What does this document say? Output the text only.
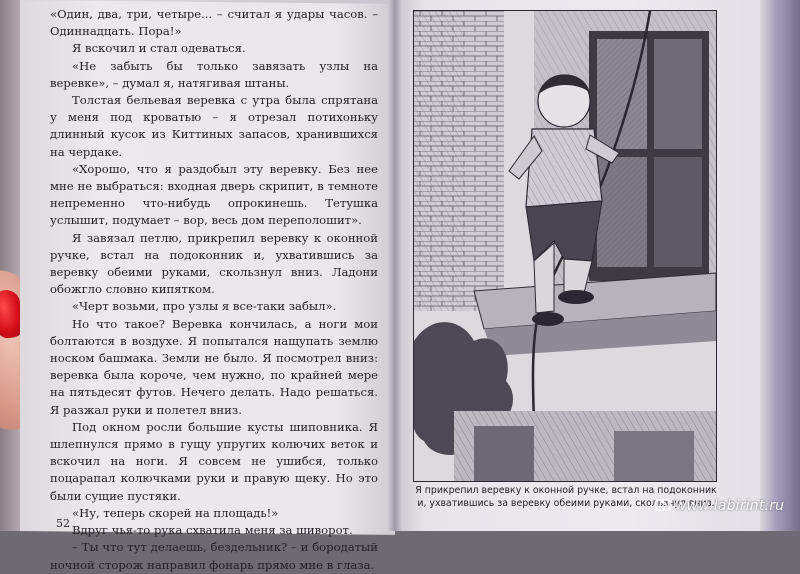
«Один, два, три, четыре... – считал я удары часов. – Одиннадцать. Пора!»

Я вскочил и стал одеваться.

«Не забыть бы только завязать узлы на веревке», – думал я, натягивая штаны.

Толстая бельевая веревка с утра была спрятана у меня под кроватью – я отрезал потихоньку длинный кусок из Киттиных запасов, хранившихся на чердаке.

«Хорошо, что я раздобыл эту веревку. Без нее мне не выбраться: входная дверь скрипит, в темноте непременно что-нибудь опрокинешь. Тетушка услышит, подумает – вор, весь дом переполошит».

Я завязал петлю, прикрепил веревку к оконной ручке, встал на подоконник и, ухватившись за веревку обеими руками, скользнул вниз. Ладони обожгло словно кипятком.

«Черт возьми, про узлы я все-таки забыл».

Но что такое? Веревка кончилась, а ноги мои болтаются в воздухе. Я попытался нащупать землю носком башмака. Земли не было. Я посмотрел вниз: веревка была короче, чем нужно, по крайней мере на пятьдесят футов. Нечего делать. Надо решаться. Я разжал руки и полетел вниз.

Под окном росли большие кусты шиповника. Я шлепнулся прямо в гущу упругих колючих веток и вскочил на ноги. Я совсем не ушибся, только поцарапал колючками руки и правую щеку. Но это были сущие пустяки.

«Ну, теперь скорей на площадь!»

Вдруг чья-то рука схватила меня за шиворот.

– Ты что тут делаешь, бездельник? – и бородатый ночной сторож направил фонарь прямо мне в глаза.

52
Я прикрепил веревку к оконной ручке, встал на подоконник и, ухватившись за веревку обеими руками, скользнул вниз.
www.labirint.ru
